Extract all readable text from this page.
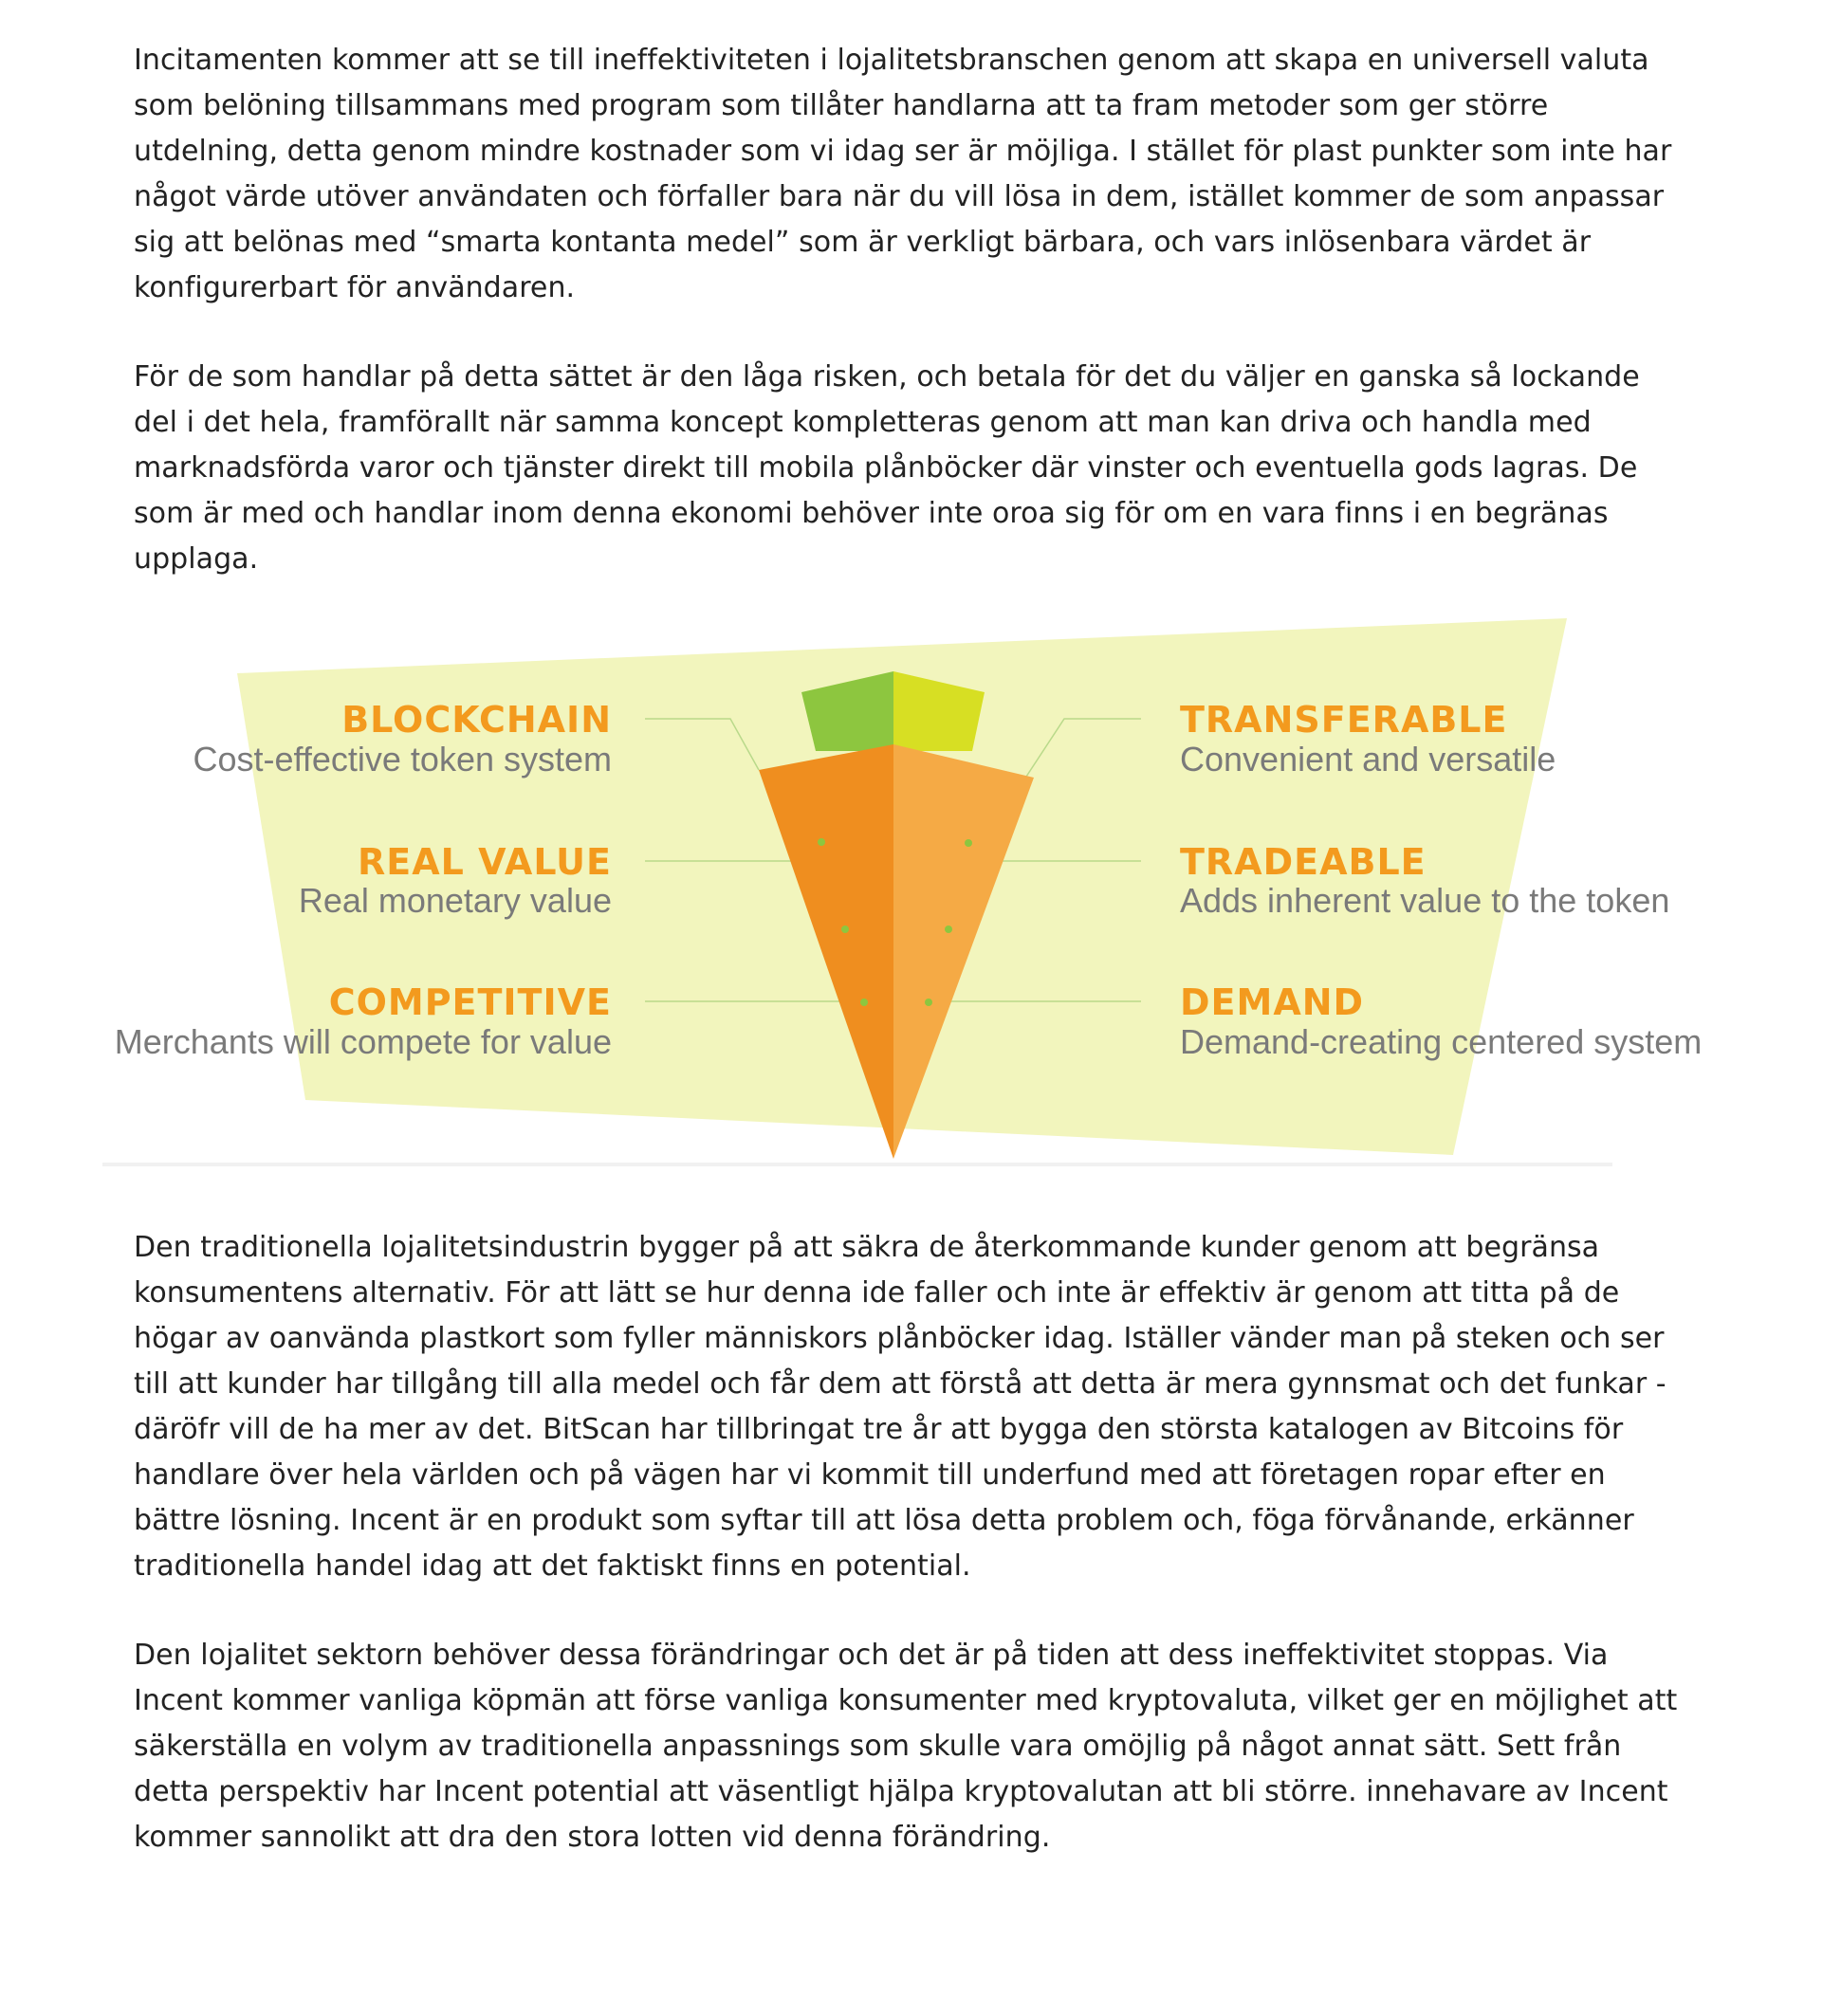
Incitamenten kommer att se till ineffektiviteten i lojalitetsbranschen genom att skapa en universell valuta
som belöning tillsammans med program som tillåter handlarna att ta fram metoder som ger större
utdelning, detta genom mindre kostnader som vi idag ser är möjliga. I stället för plast punkter som inte har
något värde utöver användaten och förfaller bara när du vill lösa in dem, istället kommer de som anpassar
sig att belönas med “smarta kontanta medel” som är verkligt bärbara, och vars inlösenbara värdet är
konfigurerbart för användaren.

För de som handlar på detta sättet är den låga risken, och betala för det du väljer en ganska så lockande
del i det hela, framförallt när samma koncept kompletteras genom att man kan driva och handla med
marknadsförda varor och tjänster direkt till mobila plånböcker där vinster och eventuella gods lagras. De
som är med och handlar inom denna ekonomi behöver inte oroa sig för om en vara finns i en begränas
upplaga.

BLOCKCHAIN
Cost-effective token system
REAL VALUE
Real monetary value
COMPETITIVE
Merchants will compete for value
TRANSFERABLE
Convenient and versatile
TRADEABLE
Adds inherent value to the token
DEMAND
Demand-creating centered system

Den traditionella lojalitetsindustrin bygger på att säkra de återkommande kunder genom att begränsa
konsumentens alternativ. För att lätt se hur denna ide faller och inte är effektiv är genom att titta på de
högar av oanvända plastkort som fyller människors plånböcker idag. Iställer vänder man på steken och ser
till att kunder har tillgång till alla medel och får dem att förstå att detta är mera gynnsmat och det funkar -
däröfr vill de ha mer av det. BitScan har tillbringat tre år att bygga den största katalogen av Bitcoins för
handlare över hela världen och på vägen har vi kommit till underfund med att företagen ropar efter en
bättre lösning. Incent är en produkt som syftar till att lösa detta problem och, föga förvånande, erkänner
traditionella handel idag att det faktiskt finns en potential.

Den lojalitet sektorn behöver dessa förändringar och det är på tiden att dess ineffektivitet stoppas. Via
Incent kommer vanliga köpmän att förse vanliga konsumenter med kryptovaluta, vilket ger en möjlighet att
säkerställa en volym av traditionella anpassnings som skulle vara omöjlig på något annat sätt. Sett från
detta perspektiv har Incent potential att väsentligt hjälpa kryptovalutan att bli större. innehavare av Incent
kommer sannolikt att dra den stora lotten vid denna förändring.
